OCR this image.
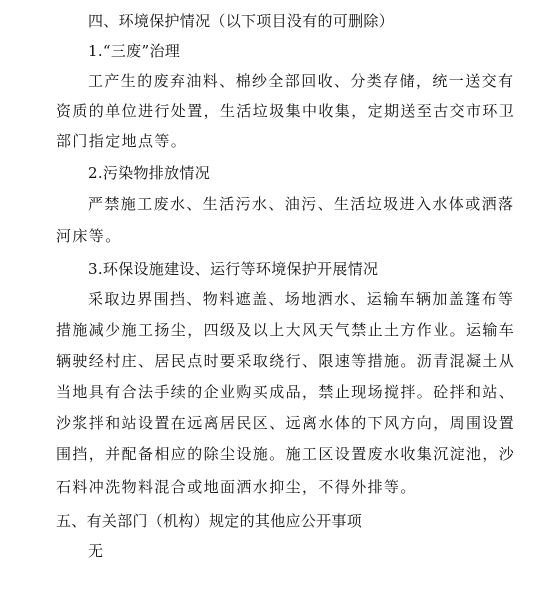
四、环境保护情况（以下项目没有的可删除）
1.“三废”治理
工产生的废弃油料、棉纱全部回收、分类存储，统一送交有
资质的单位进行处置，生活垃圾集中收集，定期送至古交市环卫
部门指定地点等。
2.污染物排放情况
严禁施工废水、生活污水、油污、生活垃圾进入水体或洒落
河床等。
3.环保设施建设、运行等环境保护开展情况
采取边界围挡、物料遮盖、场地洒水、运输车辆加盖篷布等
措施减少施工扬尘，四级及以上大风天气禁止土方作业。运输车
辆驶经村庄、居民点时要采取绕行、限速等措施。沥青混凝土从
当地具有合法手续的企业购买成品，禁止现场搅拌。砼拌和站、
沙浆拌和站设置在远离居民区、远离水体的下风方向，周围设置
围挡，并配备相应的除尘设施。施工区设置废水收集沉淀池，沙
石料冲洗物料混合或地面洒水抑尘，不得外排等。
五、有关部门（机构）规定的其他应公开事项
无
